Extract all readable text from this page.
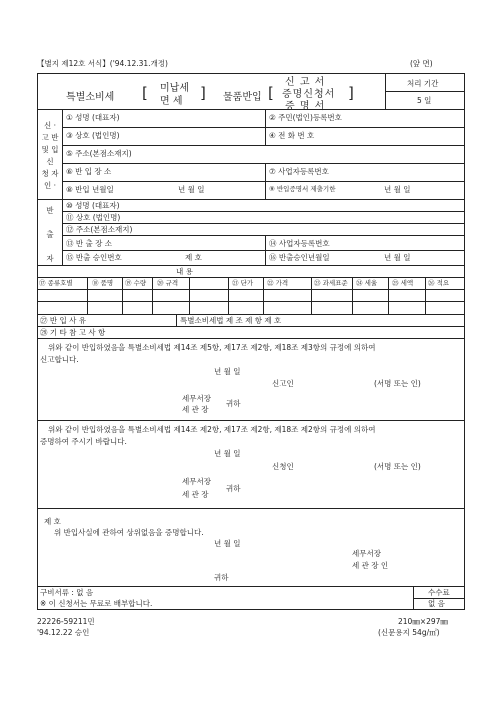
【별지 제12호 서식】('94.12.31.개정)	(앞 면)
특별소비세 [ 미납세
면 세 ] 물품반입 [
신 고 서
증명신청서
증 명 서
]
처리 기간
5 일
신 ·
고 반
및 입
신
청 자
인 ·
① 성명 (대표자)	② 주민(법인)등록번호
③ 상호 (법인명)	④ 전 화 번 호
⑤ 주소(본점소재지)
⑥ 반 입 장 소	⑦ 사업자등록번호
⑧ 반입 년월일	년 월 일	⑨ 반입증명서 제출기한	년 월 일
반

출

자
⑩ 성명 (대표자)
⑪ 상호 (법인명)
⑫ 주소(본점소재지)
⑬ 반 출 장 소	⑭ 사업자등록번호
⑮ 반출 승인번호	제 호	⑯ 반출승인년월일	년 월 일
내 용
⑰ 종류호별	⑱ 품명 ⑲ 수량 ⑳ 규격	㉑ 단가 ㉒ 가격	㉓ 과세표준 ㉔ 세율 ㉕ 세액 ㉖ 적요
㉗ 반 입 사 유	특별소비세법 제 조 제 항 제 호
㉘ 기 타 참 고 사 항
위와 같이 반입하였음을 특별소비세법 제14조 제5항, 제17조 제2항, 제18조 제3항의 규정에 의하여
신고합니다.
년 월 일
신고인	(서명 또는 인)
세무서장
세 관 장
귀하
위와 같이 반입하였음을 특별소비세법 제14조 제2항, 제17조 제2항, 제18조 제2항의 규정에 의하여
증명하여 주시기 바랍니다.
년 월 일
신청인	(서명 또는 인)
세무서장
세 관 장
귀하
제 호
위 반입사실에 관하여 상위없음을 증명합니다.
년 월 일
세무서장
세 관 장 인
귀하
구비서류 : 없 음
※ 이 신청서는 무료로 배부합니다.
수수료
없 음
22226-59211민
'94.12.22 승인
210㎜×297㎜
(신문용지 54g/㎡)
